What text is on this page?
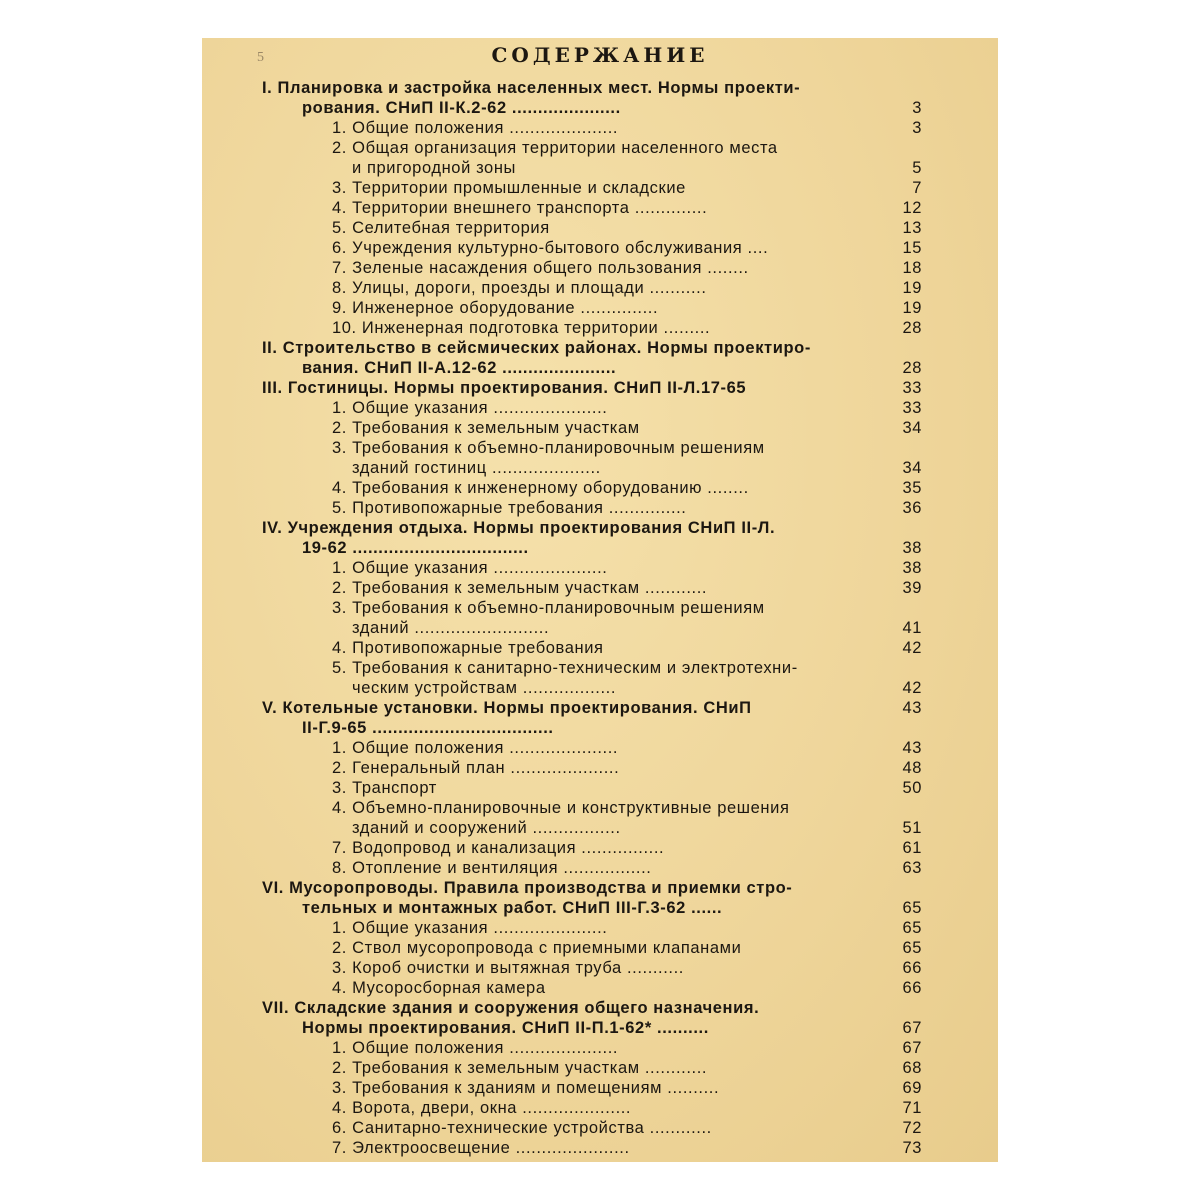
5	СОДЕРЖАНИЕ
I. Планировка и застройка населенных мест. Нормы проекти-
рования. СНиП II-К.2-62 .....................	3
1. Общие положения .....................	3
2. Общая организация территории населенного места
и пригородной зоны	5
3. Территории промышленные и складские	7
4. Территории внешнего транспорта ..............	12
5. Селитебная территория	13
6. Учреждения культурно-бытового обслуживания ....	15
7. Зеленые насаждения общего пользования ........	18
8. Улицы, дороги, проезды и площади ...........	19
9. Инженерное оборудование ...............	19
10. Инженерная подготовка территории .........	28
II. Строительство в сейсмических районах. Нормы проектиро-
вания. СНиП II-А.12-62 ......................	28
III. Гостиницы. Нормы проектирования. СНиП II-Л.17-65	33
1. Общие указания ......................	33
2. Требования к земельным участкам	34
3. Требования к объемно-планировочным решениям
зданий гостиниц .....................	34
4. Требования к инженерному оборудованию ........	35
5. Противопожарные требования ...............	36
IV. Учреждения отдыха. Нормы проектирования СНиП II-Л.
19-62 ..................................	38
1. Общие указания ......................	38
2. Требования к земельным участкам ............	39
3. Требования к объемно-планировочным решениям
зданий ..........................	41
4. Противопожарные требования	42
5. Требования к санитарно-техническим и электротехни-
ческим устройствам ..................	42
V. Котельные установки. Нормы проектирования. СНиП	43
II-Г.9-65 ...................................
1. Общие положения .....................	43
2. Генеральный план .....................	48
3. Транспорт	50
4. Объемно-планировочные и конструктивные решения
зданий и сооружений .................	51
7. Водопровод и канализация ................	61
8. Отопление и вентиляция .................	63
VI. Мусоропроводы. Правила производства и приемки стро-
тельных и монтажных работ. СНиП III-Г.3-62 ......	65
1. Общие указания ......................	65
2. Ствол мусоропровода с приемными клапанами	65
3. Короб очистки и вытяжная труба ...........	66
4. Мусоросборная камера	66
VII. Складские здания и сооружения общего назначения.
Нормы проектирования. СНиП II-П.1-62* ..........	67
1. Общие положения .....................	67
2. Требования к земельным участкам ............	68
3. Требования к зданиям и помещениям ..........	69
4. Ворота, двери, окна .....................	71
6. Санитарно-технические устройства ............	72
7. Электроосвещение ......................	73
